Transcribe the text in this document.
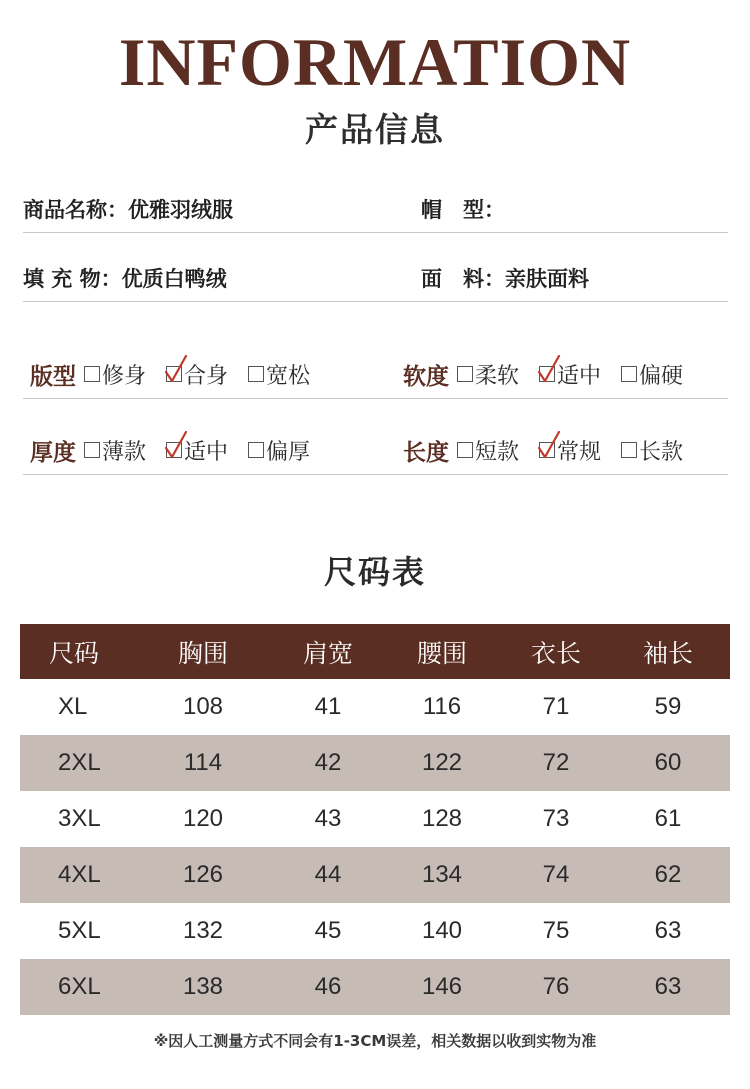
INFORMATION
产品信息
商品名称：优雅羽绒服	帽　型：
填 充 物：优质白鸭绒	面　料：亲肤面料
版型 修身 合身 宽松	软度 柔软 适中 偏硬
厚度 薄款 适中 偏厚	长度 短款 常规 长款
尺码表
尺码	胸围	肩宽	腰围	衣长	袖长
XL	108	41	116	71	59
2XL	114	42	122	72	60
3XL	120	43	128	73	61
4XL	126	44	134	74	62
5XL	132	45	140	75	63
6XL	138	46	146	76	63
※因人工测量方式不同会有1-3CM误差，相关数据以收到实物为准
